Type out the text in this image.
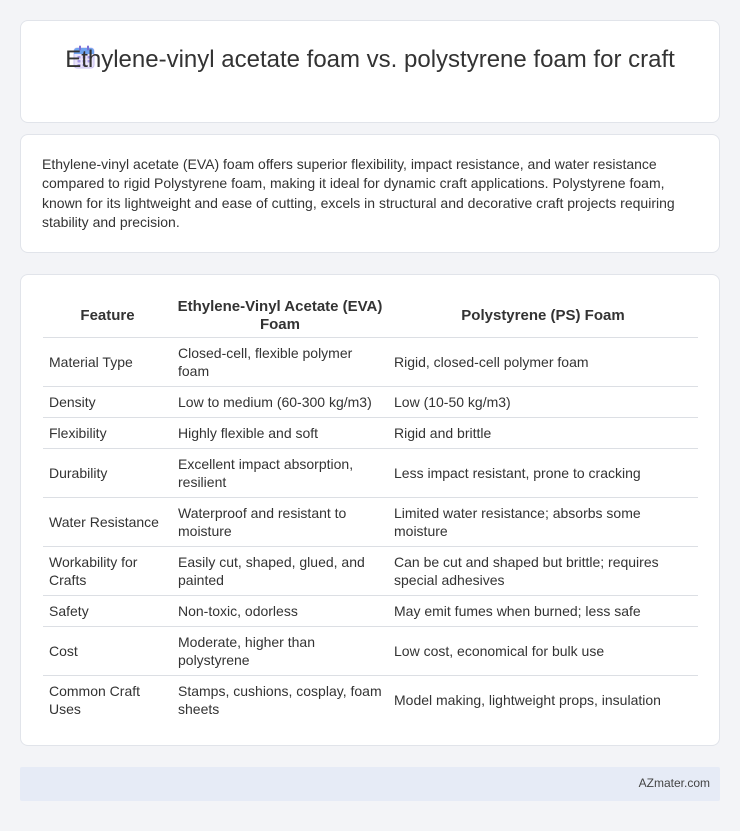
Ethylene-vinyl acetate foam vs. polystyrene foam for craft

Ethylene-vinyl acetate (EVA) foam offers superior flexibility, impact resistance, and water resistance compared to rigid Polystyrene foam, making it ideal for dynamic craft applications. Polystyrene foam, known for its lightweight and ease of cutting, excels in structural and decorative craft projects requiring stability and precision.

Feature	Ethylene-Vinyl Acetate (EVA) Foam	Polystyrene (PS) Foam
Material Type	Closed-cell, flexible polymer foam	Rigid, closed-cell polymer foam
Density	Low to medium (60-300 kg/m3)	Low (10-50 kg/m3)
Flexibility	Highly flexible and soft	Rigid and brittle
Durability	Excellent impact absorption, resilient	Less impact resistant, prone to cracking
Water Resistance	Waterproof and resistant to moisture	Limited water resistance; absorbs some moisture
Workability for Crafts	Easily cut, shaped, glued, and painted	Can be cut and shaped but brittle; requires special adhesives
Safety	Non-toxic, odorless	May emit fumes when burned; less safe
Cost	Moderate, higher than polystyrene	Low cost, economical for bulk use
Common Craft Uses	Stamps, cushions, cosplay, foam sheets	Model making, lightweight props, insulation
AZmater.com
